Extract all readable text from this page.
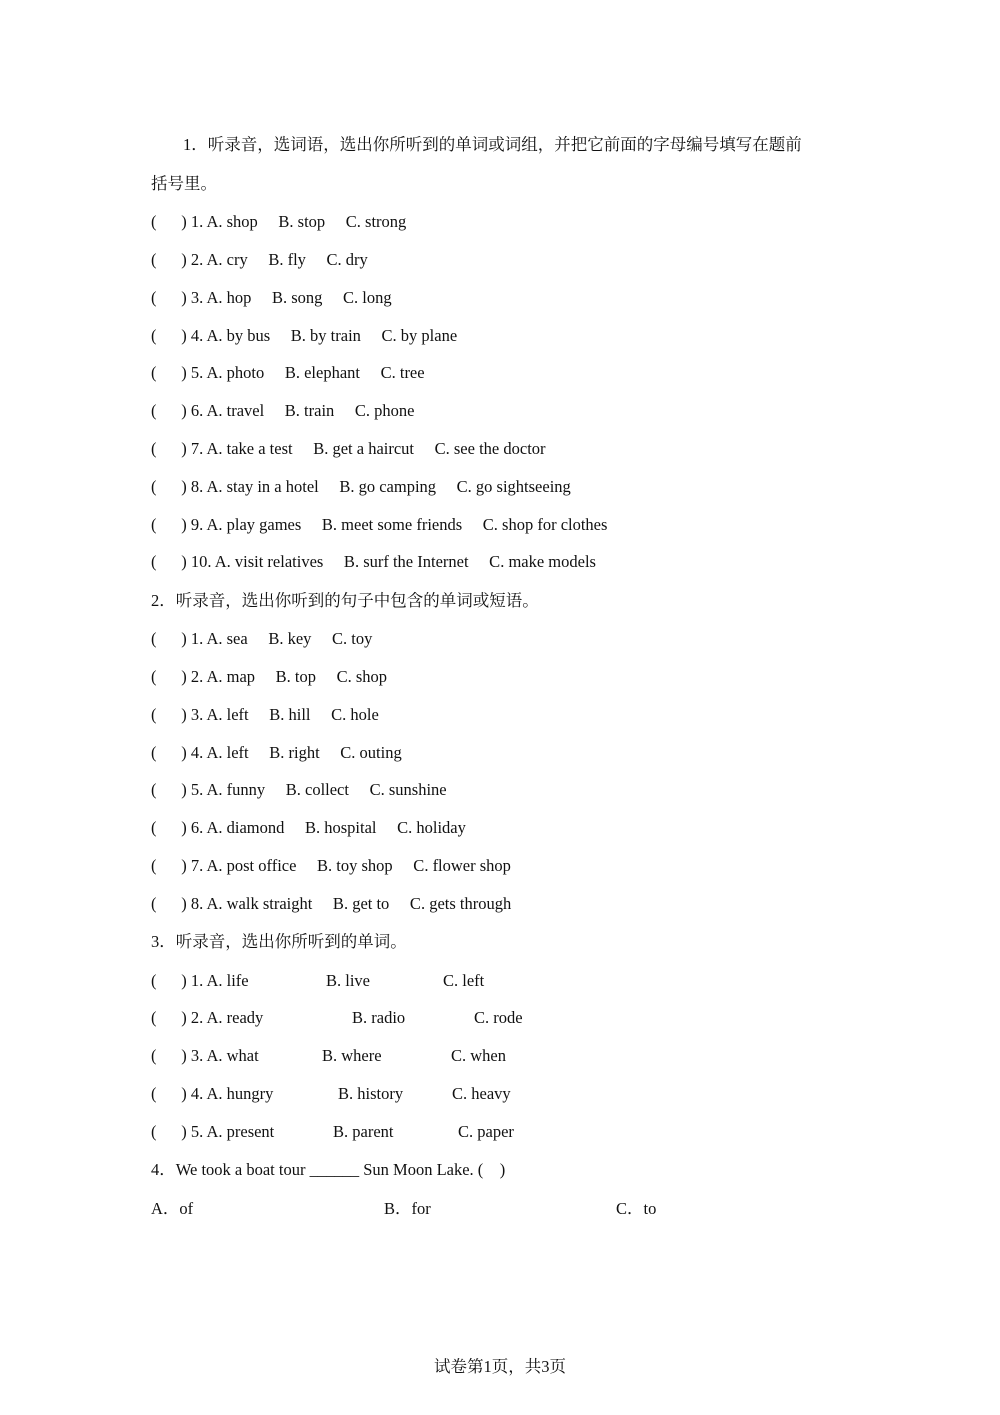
1．听录音，选词语，选出你所听到的单词或词组，并把它前面的字母编号填写在题前
括号里。
(      ) 1. A. shop     B. stop     C. strong
(      ) 2. A. cry     B. fly     C. dry
(      ) 3. A. hop     B. song     C. long
(      ) 4. A. by bus     B. by train     C. by plane
(      ) 5. A. photo     B. elephant     C. tree
(      ) 6. A. travel     B. train     C. phone
(      ) 7. A. take a test     B. get a haircut     C. see the doctor
(      ) 8. A. stay in a hotel     B. go camping     C. go sightseeing
(      ) 9. A. play games     B. meet some friends     C. shop for clothes
(      ) 10. A. visit relatives     B. surf the Internet     C. make models
2．听录音，选出你听到的句子中包含的单词或短语。
(      ) 1. A. sea     B. key     C. toy
(      ) 2. A. map     B. top     C. shop
(      ) 3. A. left     B. hill     C. hole
(      ) 4. A. left     B. right     C. outing
(      ) 5. A. funny     B. collect     C. sunshine
(      ) 6. A. diamond     B. hospital     C. holiday
(      ) 7. A. post office     B. toy shop     C. flower shop
(      ) 8. A. walk straight     B. get to     C. gets through
3．听录音，选出你所听到的单词。

(      ) 1. A. life

	B. live

	C. left

(      ) 2. A. ready

	B. radio

	C. rode

(      ) 3. A. what

	B. where

	C. when

(      ) 4. A. hungry

	B. history

	C. heavy

(      ) 5. A. present

	B. parent

	C. paper

4．We took a boat tour ______ Sun Moon Lake. (    )

A．of

	B．for

	C．to

试卷第1页，共3页
